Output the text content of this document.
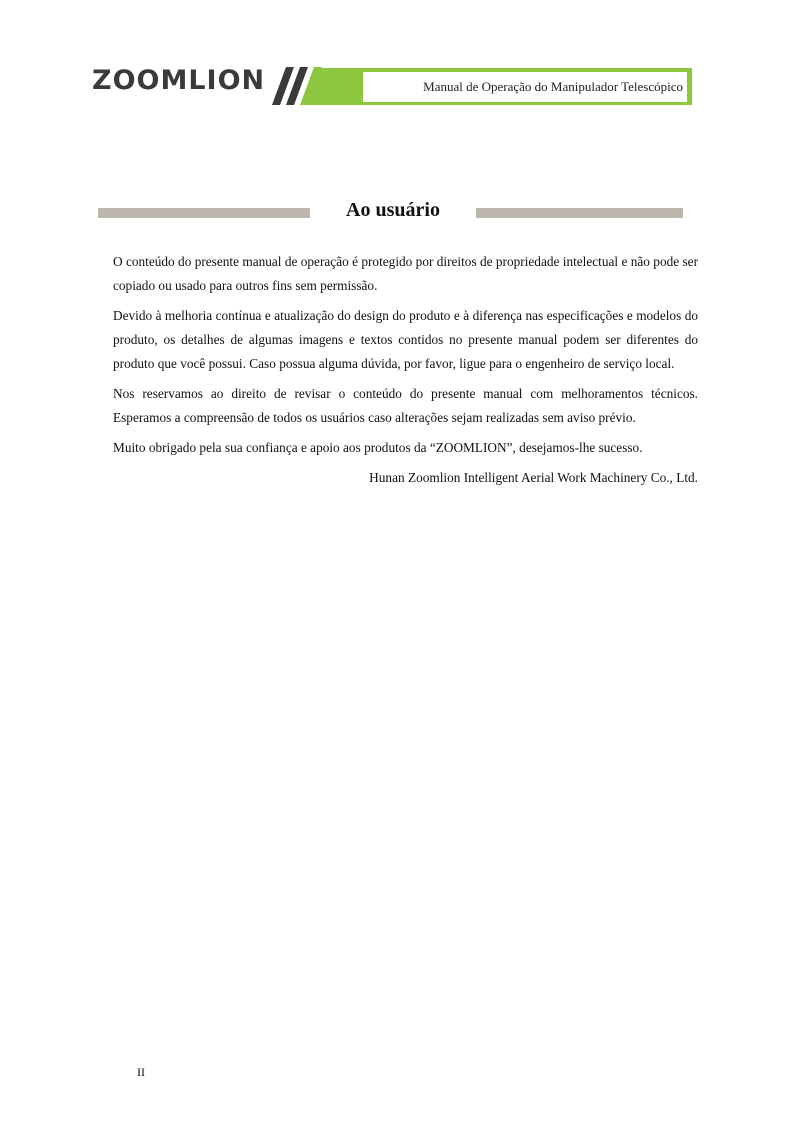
ZOOMLION	Manual de Operação do Manipulador Telescópico
Ao usuário

O conteúdo do presente manual de operação é protegido por direitos de propriedade intelectual e não pode ser copiado ou usado para outros fins sem permissão.

Devido à melhoria contínua e atualização do design do produto e à diferença nas especificações e modelos do produto, os detalhes de algumas imagens e textos contidos no presente manual podem ser diferentes do produto que você possui. Caso possua alguma dúvida, por favor, ligue para o engenheiro de serviço local.

Nos reservamos ao direito de revisar o conteúdo do presente manual com melhoramentos técnicos. Esperamos a compreensão de todos os usuários caso alterações sejam realizadas sem aviso prévio.

Muito obrigado pela sua confiança e apoio aos produtos da “ZOOMLION”, desejamos-lhe sucesso.

Hunan Zoomlion Intelligent Aerial Work Machinery Co., Ltd.
II
